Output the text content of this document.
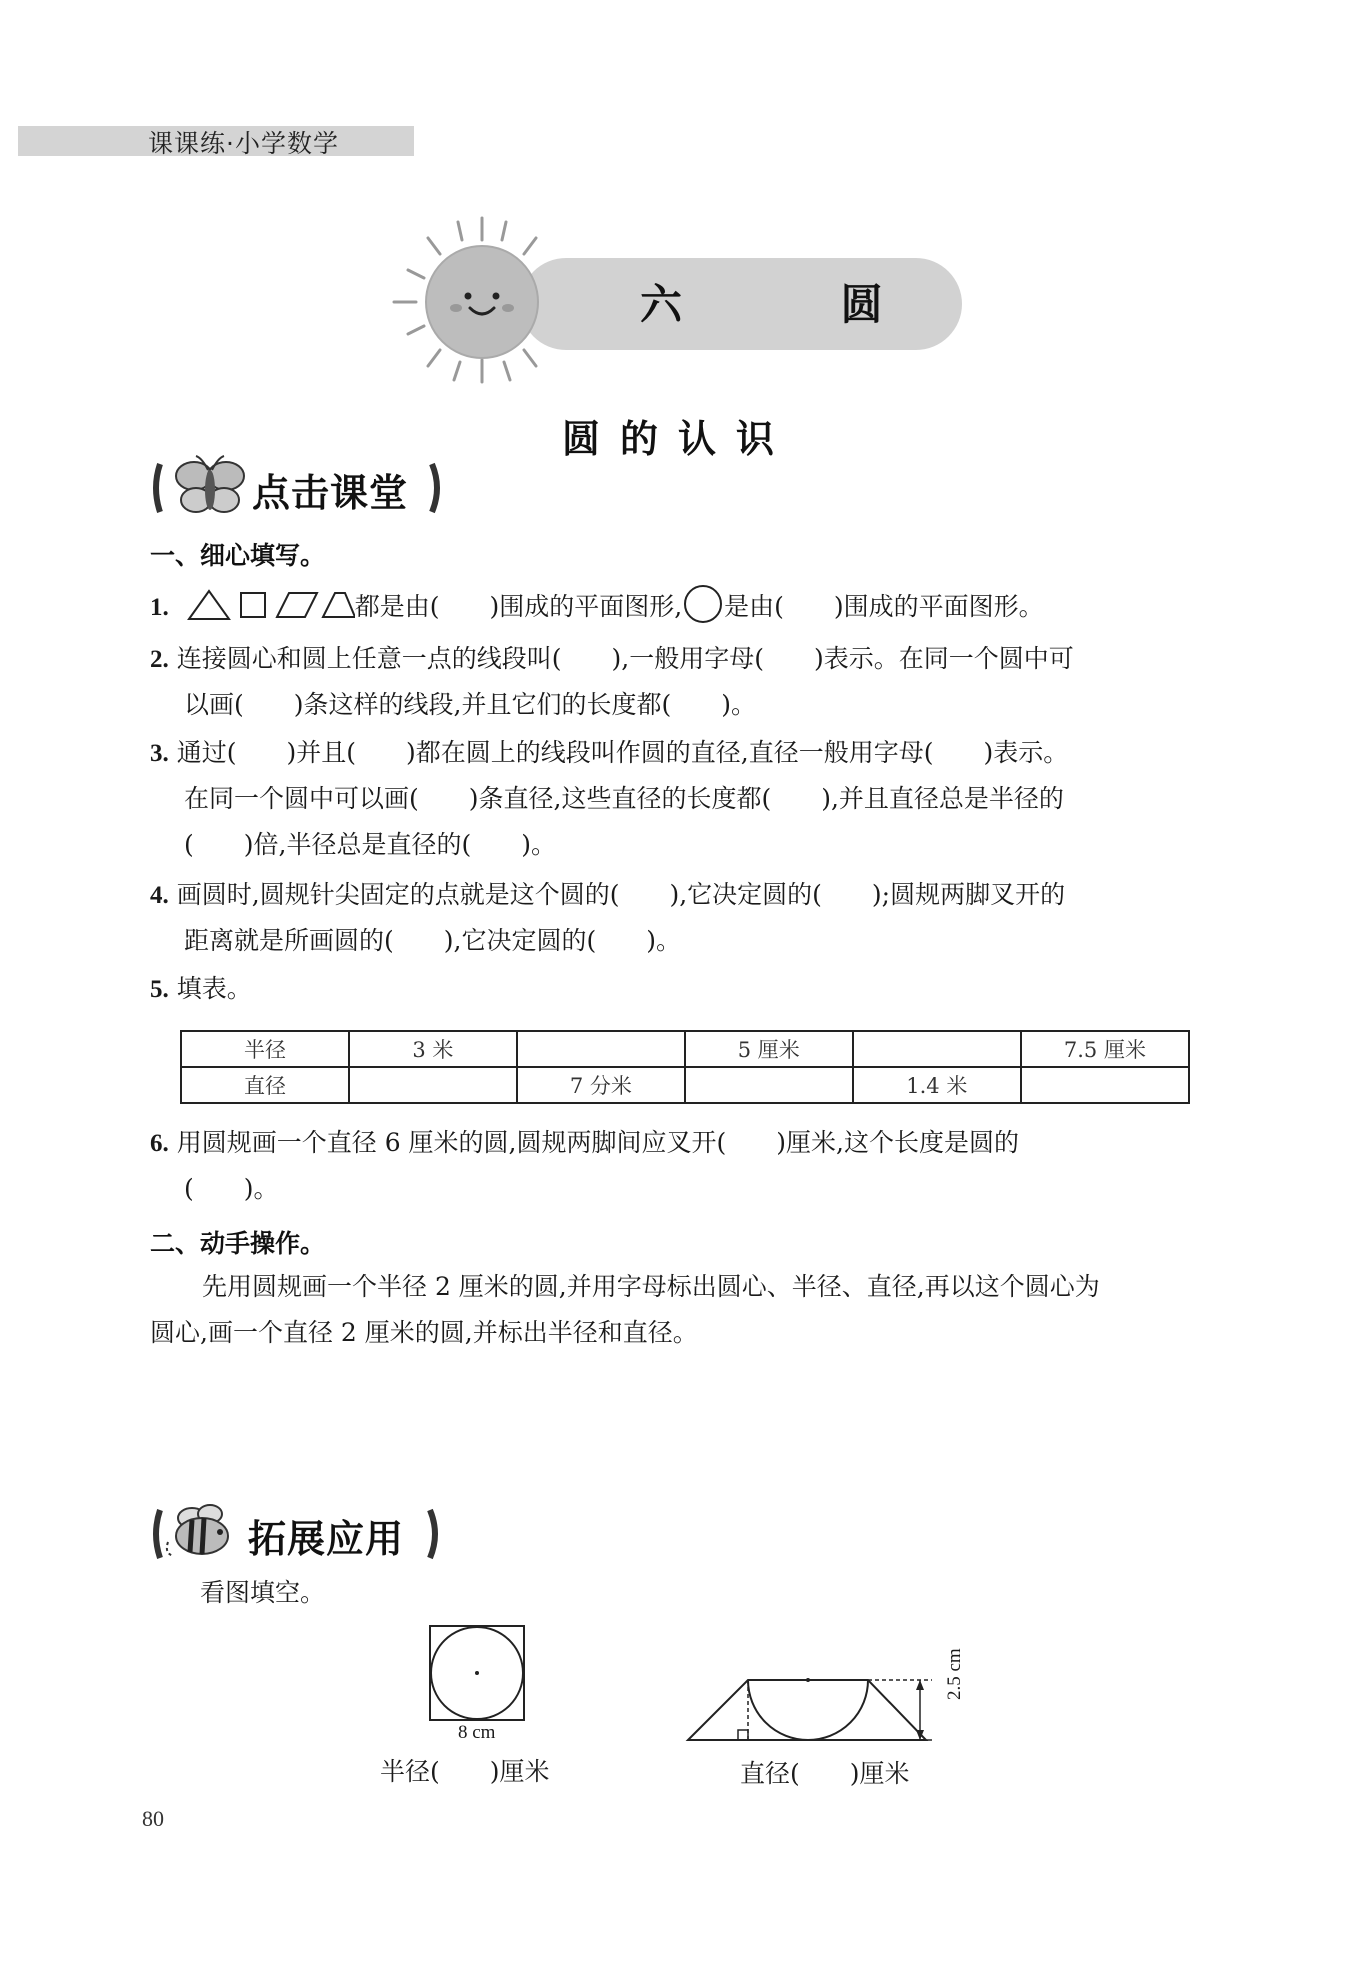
课课练·小学数学
六 圆
圆的认识
点击课堂
一、细心填写。
1.	都是由(　　)围成的平面图形, 是由(　　)围成的平面图形。
2. 连接圆心和圆上任意一点的线段叫(　　),一般用字母(　　)表示。在同一个圆中可
以画(　　)条这样的线段,并且它们的长度都(　　)。
3. 通过(　　)并且(　　)都在圆上的线段叫作圆的直径,直径一般用字母(　　)表示。
在同一个圆中可以画(　　)条直径,这些直径的长度都(　　),并且直径总是半径的
(　　)倍,半径总是直径的(　　)。
4. 画圆时,圆规针尖固定的点就是这个圆的(　　),它决定圆的(　　);圆规两脚叉开的
距离就是所画圆的(　　),它决定圆的(　　)。
5. 填表。
半径	3 米		5 厘米		7.5 厘米
直径		7 分米		1.4 米	
6. 用圆规画一个直径 6 厘米的圆,圆规两脚间应叉开(　　)厘米,这个长度是圆的
(　　)。
二、动手操作。
先用圆规画一个半径 2 厘米的圆,并用字母标出圆心、半径、直径,再以这个圆心为
圆心,画一个直径 2 厘米的圆,并标出半径和直径。
拓展应用
看图填空。
8 cm
半径(　　)厘米
2.5 cm
直径(　　)厘米
80
